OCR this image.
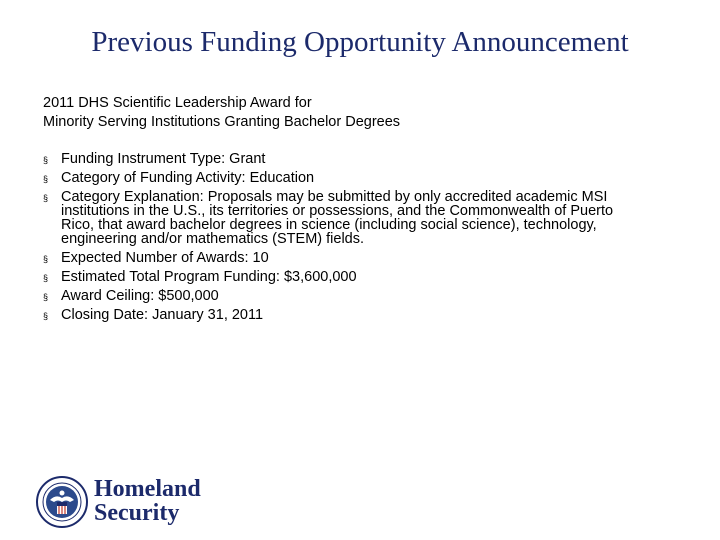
Previous Funding Opportunity Announcement
2011 DHS Scientific Leadership Award for
Minority Serving Institutions Granting Bachelor Degrees
§ Funding Instrument Type: Grant
§ Category of Funding Activity: Education
§ Category Explanation: Proposals may be submitted by only accredited academic MSI
institutions in the U.S., its territories or possessions, and the Commonwealth of Puerto
Rico, that award bachelor degrees in science (including social science), technology,
engineering and/or mathematics (STEM) fields.
§ Expected Number of Awards: 10
§ Estimated Total Program Funding: $3,600,000
§ Award Ceiling: $500,000
§ Closing Date: January 31, 2011
Homeland
Security
